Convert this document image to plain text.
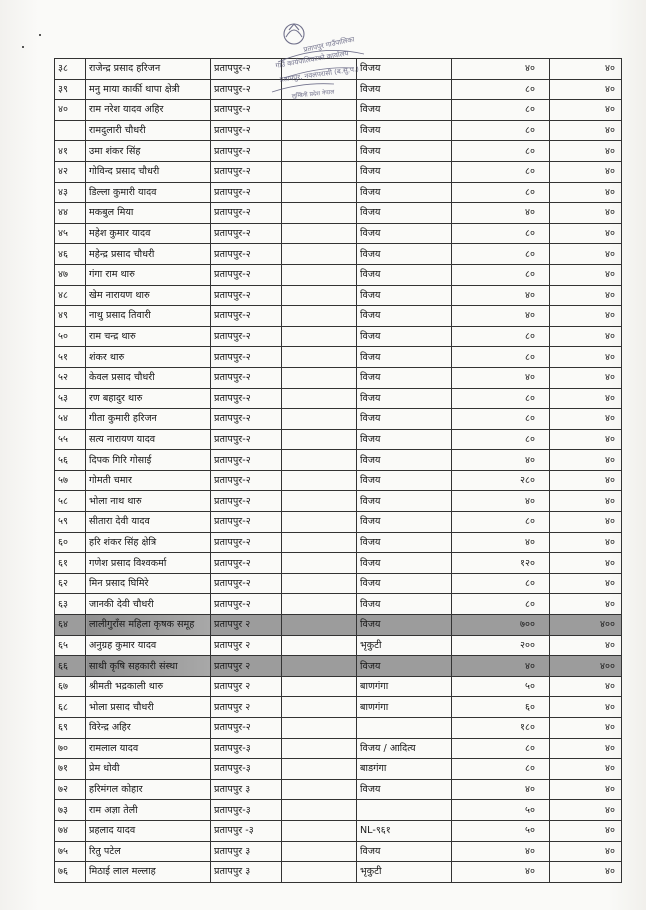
३८	राजेन्द्र प्रसाद हरिजन	प्रतापपुर-२		विजय	४०	४०
३९	मनु माया कार्की थापा क्षेत्री	प्रतापपुर-२		विजय	८०	४०
४०	राम नरेश यादव अहिर	प्रतापपुर-२		विजय	८०	४०
	रामदुलारी चौधरी	प्रतापपुर-२		विजय	८०	४०
४१	उमा शंकर सिंह	प्रतापपुर-२		विजय	८०	४०
४२	गोविन्द प्रसाद चौधरी	प्रतापपुर-२		विजय	८०	४०
४३	डिल्ला कुमारी यादव	प्रतापपुर-२		विजय	८०	४०
४४	मकबुल मिया	प्रतापपुर-२		विजय	४०	४०
४५	महेश कुमार यादव	प्रतापपुर-२		विजय	८०	४०
४६	महेन्द्र प्रसाद चौधरी	प्रतापपुर-२		विजय	८०	४०
४७	गंगा राम थारु	प्रतापपुर-२		विजय	८०	४०
४८	खेम नारायण थारु	प्रतापपुर-२		विजय	४०	४०
४९	नाथु प्रसाद तिवारी	प्रतापपुर-२		विजय	४०	४०
५०	राम चन्द्र थारु	प्रतापपुर-२		विजय	८०	४०
५१	शंकर थारु	प्रतापपुर-२		विजय	८०	४०
५२	केवल प्रसाद चौधरी	प्रतापपुर-२		विजय	४०	४०
५३	रण बहादुर थारु	प्रतापपुर-२		विजय	८०	४०
५४	गीता कुमारी हरिजन	प्रतापपुर-२		विजय	८०	४०
५५	सत्य नारायण यादव	प्रतापपुर-२		विजय	८०	४०
५६	दिपक गिरि गोसाई	प्रतापपुर-२		विजय	४०	४०
५७	गोमती चमार	प्रतापपुर-२		विजय	२८०	४०
५८	भोला नाथ थारु	प्रतापपुर-२		विजय	४०	४०
५९	सीतारा देवी यादव	प्रतापपुर-२		विजय	८०	४०
६०	हरि शंकर सिंह क्षेत्रि	प्रतापपुर-२		विजय	४०	४०
६१	गणेश प्रसाद विश्वकर्मा	प्रतापपुर-२		विजय	१२०	४०
६२	मिन प्रसाद घिमिरे	प्रतापपुर-२		विजय	८०	४०
६३	जानकी देवी चौधरी	प्रतापपुर-२		विजय	८०	४०
६४	लालीगुराँस महिला कृषक समूह	प्रतापपुर २		विजय	७००	४००
६५	अनुग्रह कुमार यादव	प्रतापपुर २		भृकुटी	२००	४०
६६	साथी कृषि सहकारी संस्था	प्रतापपुर २		विजय	४०	४००
६७	श्रीमती भद्रकाली थारु	प्रतापपुर २		बाणगंगा	५०	४०
६८	भोला प्रसाद चौधरी	प्रतापपुर २		बाणगंगा	६०	४०
६९	विरेन्द्र अहिर	प्रतापपुर-२			१८०	४०
७०	रामलाल यादव	प्रतापपुर-३		विजय / आदित्य	८०	४०
७१	प्रेम धोवी	प्रतापपुर-३		बाडगंगा	८०	४०
७२	हरिमंगल कोहार	प्रतापपुर ३		विजय	४०	४०
७३	राम अज्ञा तेली	प्रतापपुर-३			५०	४०
७४	प्रहलाद यादव	प्रतापपुर -३		NL-९६१	५०	४०
७५	रितु पटेल	प्रतापपुर ३		विजय	४०	४०
७६	मिठाई लाल मल्लाह	प्रतापपुर ३		भृकुटी	४०	४०
प्रतापपुर गाउँपालिका
गाउँ कार्यपालिकाको कार्यालय
प्रतापपुर, नवलपरासी (ब.सु.प.)
लुम्बिनी प्रदेश नेपाल
